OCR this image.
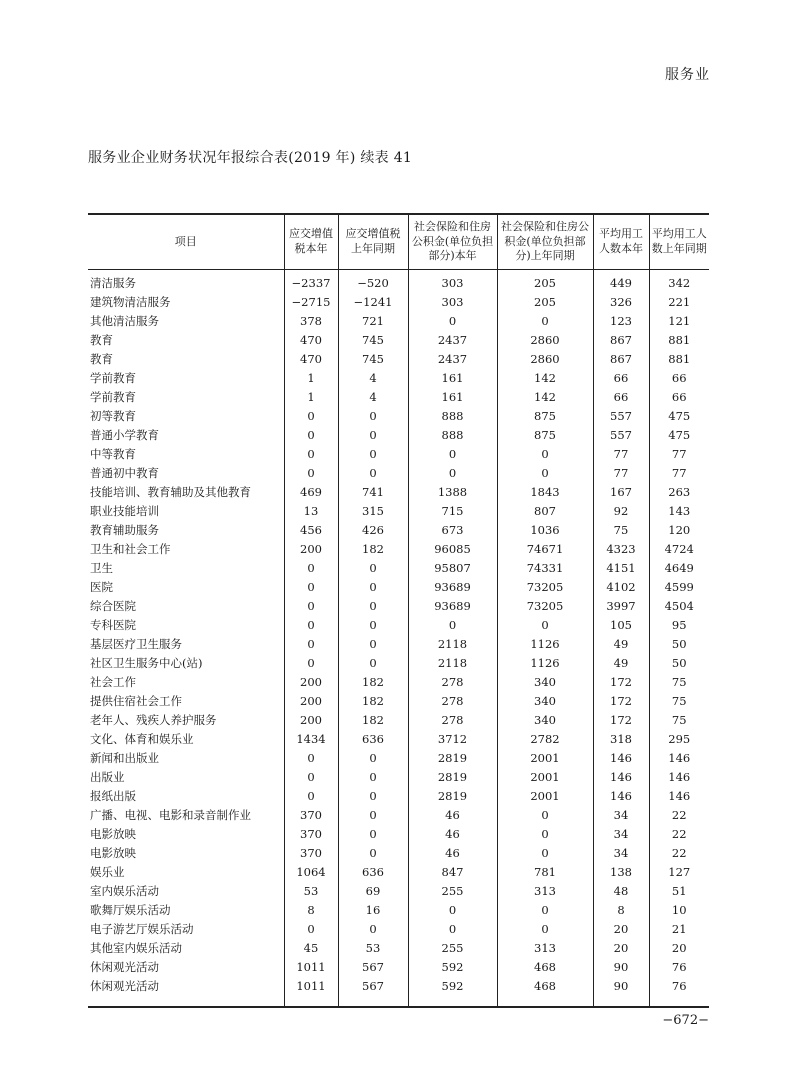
服务业
服务业企业财务状况年报综合表(2019 年) 续表 41
项目	应交增值税本年	应交增值税上年同期	社会保险和住房公积金(单位负担部分)本年	社会保险和住房公积金(单位负担部分)上年同期	平均用工人数本年	平均用工人数上年同期
清洁服务	−2337	−520	303	205	449	342
建筑物清洁服务	−2715	−1241	303	205	326	221
其他清洁服务	378	721	0	0	123	121
教育	470	745	2437	2860	867	881
教育	470	745	2437	2860	867	881
学前教育	1	4	161	142	66	66
学前教育	1	4	161	142	66	66
初等教育	0	0	888	875	557	475
普通小学教育	0	0	888	875	557	475
中等教育	0	0	0	0	77	77
普通初中教育	0	0	0	0	77	77
技能培训、教育辅助及其他教育	469	741	1388	1843	167	263
职业技能培训	13	315	715	807	92	143
教育辅助服务	456	426	673	1036	75	120
卫生和社会工作	200	182	96085	74671	4323	4724
卫生	0	0	95807	74331	4151	4649
医院	0	0	93689	73205	4102	4599
综合医院	0	0	93689	73205	3997	4504
专科医院	0	0	0	0	105	95
基层医疗卫生服务	0	0	2118	1126	49	50
社区卫生服务中心(站)	0	0	2118	1126	49	50
社会工作	200	182	278	340	172	75
提供住宿社会工作	200	182	278	340	172	75
老年人、残疾人养护服务	200	182	278	340	172	75
文化、体育和娱乐业	1434	636	3712	2782	318	295
新闻和出版业	0	0	2819	2001	146	146
出版业	0	0	2819	2001	146	146
报纸出版	0	0	2819	2001	146	146
广播、电视、电影和录音制作业	370	0	46	0	34	22
电影放映	370	0	46	0	34	22
电影放映	370	0	46	0	34	22
娱乐业	1064	636	847	781	138	127
室内娱乐活动	53	69	255	313	48	51
歌舞厅娱乐活动	8	16	0	0	8	10
电子游艺厅娱乐活动	0	0	0	0	20	21
其他室内娱乐活动	45	53	255	313	20	20
休闲观光活动	1011	567	592	468	90	76
休闲观光活动	1011	567	592	468	90	76
−672−
